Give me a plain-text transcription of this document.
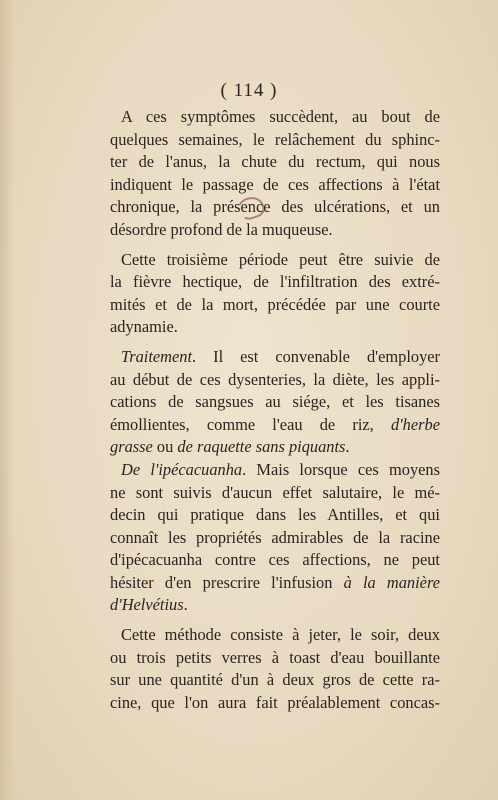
( 114 )
A ces symptômes succèdent, au bout de
quelques semaines, le relâchement du sphinc-
ter de l'anus, la chute du rectum, qui nous
indiquent le passage de ces affections à l'état
chronique, la présence des ulcérations, et un
désordre profond de la muqueuse.
Cette troisième période peut être suivie de
la fièvre hectique, de l'infiltration des extré-
mités et de la mort, précédée par une courte
adynamie.
Traitement. Il est convenable d'employer
au début de ces dysenteries, la diète, les appli-
cations de sangsues au siége, et les tisanes
émollientes, comme l'eau de riz, d'herbe
grasse ou de raquette sans piquants.
De l'ipécacuanha. Mais lorsque ces moyens
ne sont suivis d'aucun effet salutaire, le mé-
decin qui pratique dans les Antilles, et qui
connaît les propriétés admirables de la racine
d'ipécacuanha contre ces affections, ne peut
hésiter d'en prescrire l'infusion à la manière
d'Helvétius.
Cette méthode consiste à jeter, le soir, deux
ou trois petits verres à toast d'eau bouillante
sur une quantité d'un à deux gros de cette ra-
cine, que l'on aura fait préalablement concas-
